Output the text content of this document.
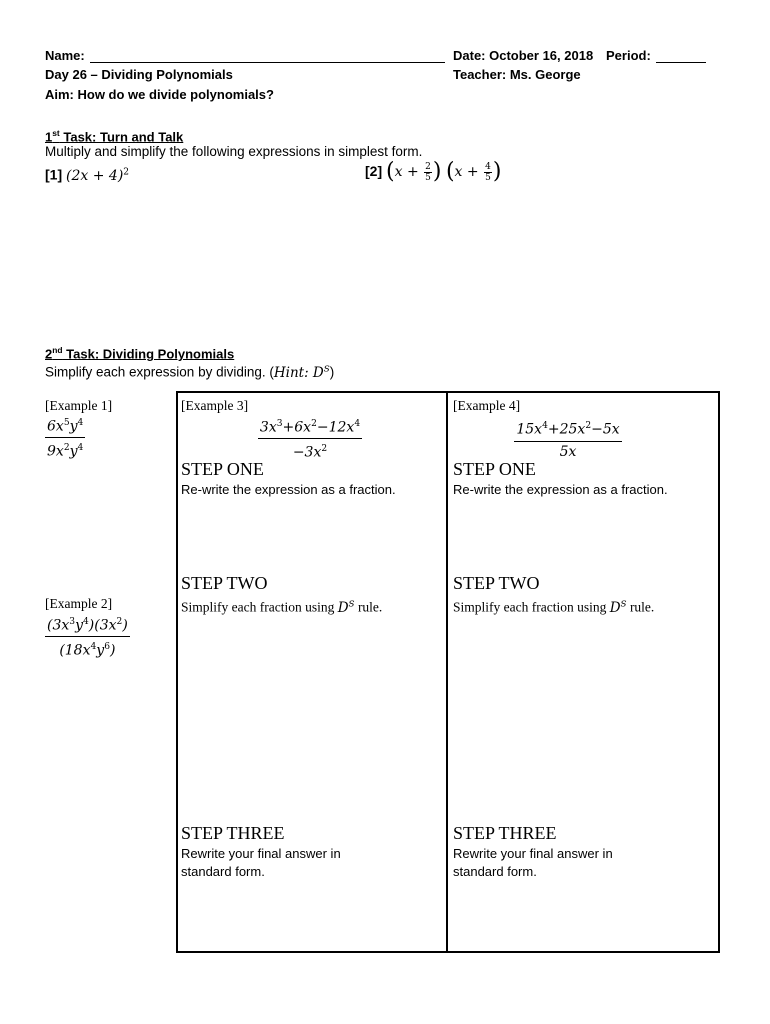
Name:	Date: October 16, 2018 Period:
Day 26 – Dividing Polynomials	Teacher: Ms. George
Aim: How do we divide polynomials?
1st Task: Turn and Talk
Multiply and simplify the following expressions in simplest form.
[1] $(2x + 4)^2$	[2] ($x + \frac{2}{5}$ ) ($x + \frac{4}{5}$ )
2nd Task: Dividing Polynomials
Simplify each expression by dividing. (Hint: $D^S$)
[Example 1]
$\frac{6x^5y^4}{9x^2y^4}$
[Example 2]
$\frac{(3x^3y^4)(3x^2)}{(18x^4y^6)}$
[Example 3]
$\frac{3x^3+6x^2-12x^4}{-3x^2}$
STEP ONE
Re-write the expression as a fraction.
STEP TWO
Simplify each fraction using $D^S$ rule.
STEP THREE
Rewrite your final answer in
standard form.
[Example 4]
$\frac{15x^4+25x^2-5x}{5x}$
STEP ONE
Re-write the expression as a fraction.
STEP TWO
Simplify each fraction using $D^S$ rule.
STEP THREE
Rewrite your final answer in
standard form.
